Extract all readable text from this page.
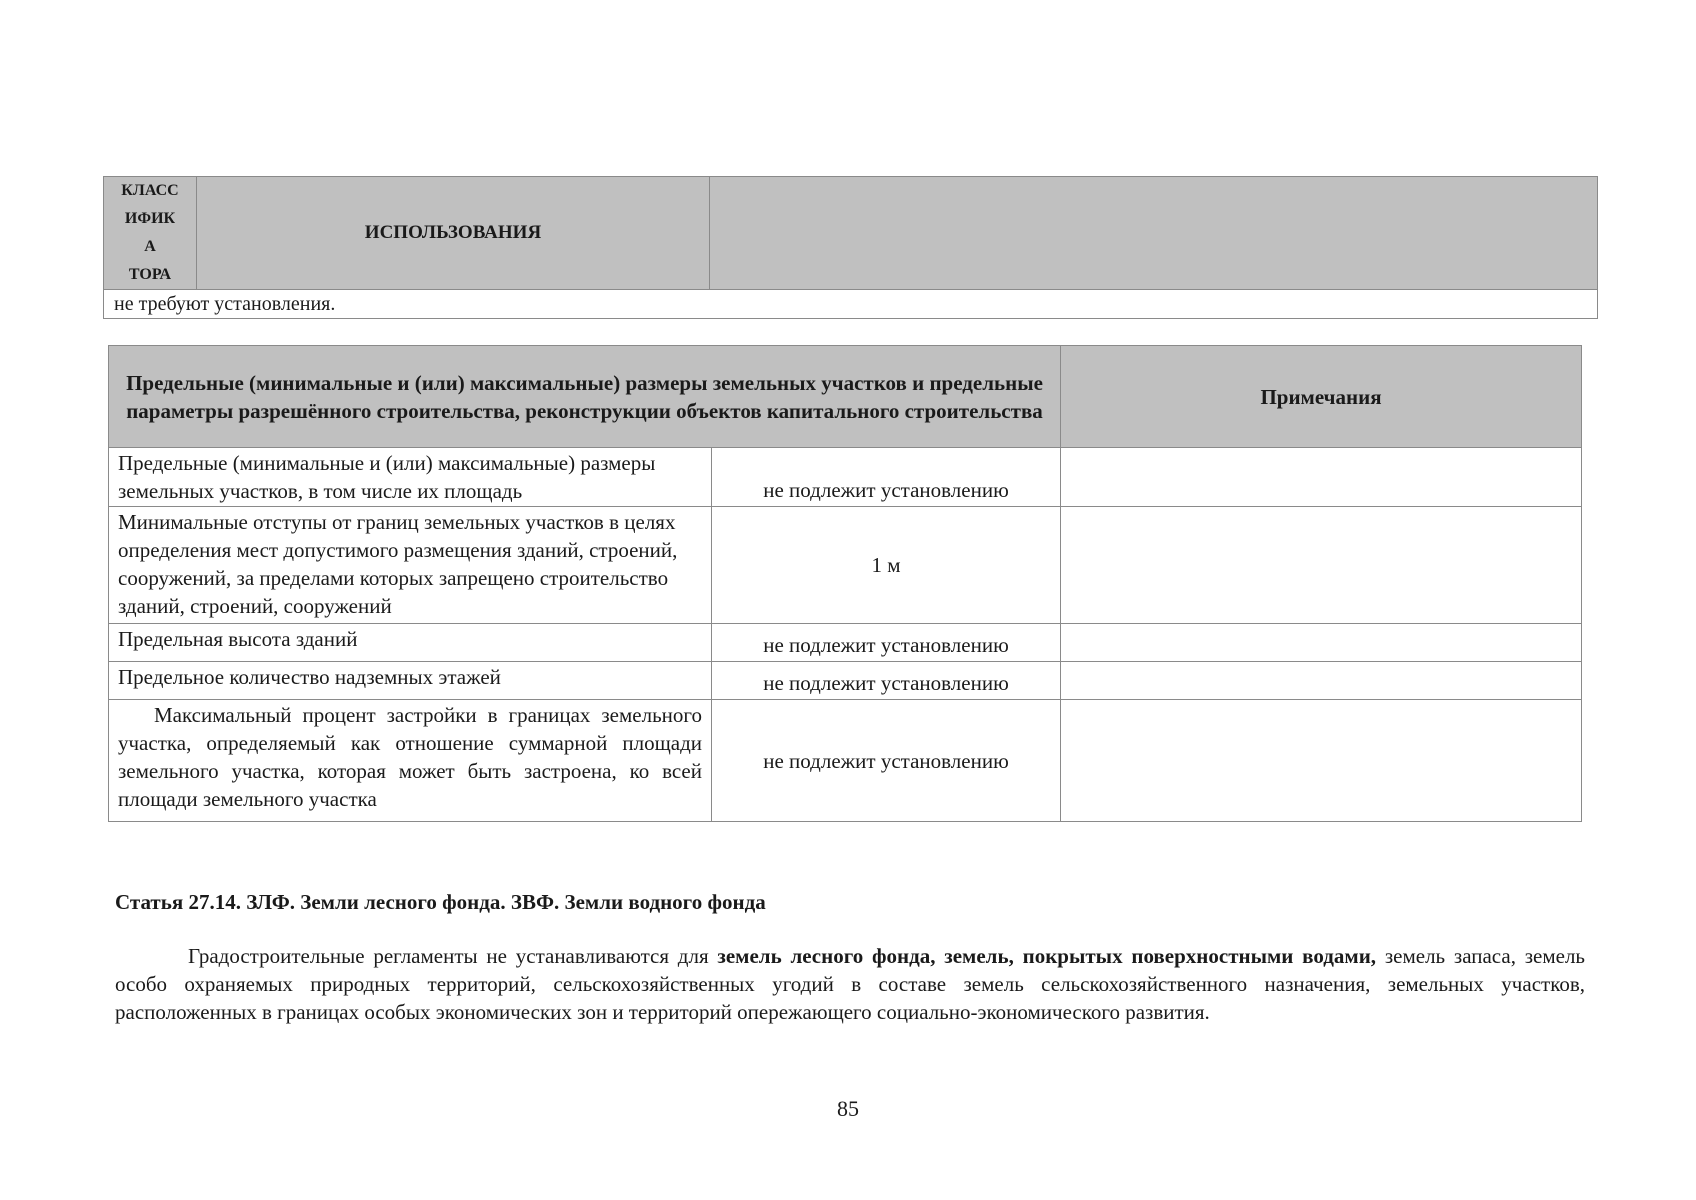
КЛАСС
ИФИК
А
ТОРА
	ИСПОЛЬЗОВАНИЯ	
не требуют установления.
Предельные (минимальные и (или) максимальные) размеры земельных участков и предельные параметры разрешённого строительства, реконструкции объектов капитального строительства		Примечания
Предельные (минимальные и (или) максимальные) размеры земельных участков, в том числе их площадь	не подлежит установлению	
Минимальные отступы от границ земельных участков в целях определения мест допустимого размещения зданий, строений, сооружений, за пределами которых запрещено строительство зданий, строений, сооружений	1 м	
Предельная высота зданий	не подлежит установлению	
Предельное количество надземных этажей	не подлежит установлению	
Максимальный процент застройки в границах земельного участка, определяемый как отношение суммарной площади земельного участка, которая может быть застроена, ко всей площади земельного участка	не подлежит установлению	
Статья 27.14. ЗЛФ. Земли лесного фонда. ЗВФ. Земли водного фонда
Градостроительные регламенты не устанавливаются для земель лесного фонда, земель, покрытых поверхностными водами, земель запаса, земель особо охраняемых природных территорий, сельскохозяйственных угодий в составе земель сельскохозяйственного назначения, земельных участков, расположенных в границах особых экономических зон и территорий опережающего социально-экономического развития.
85
